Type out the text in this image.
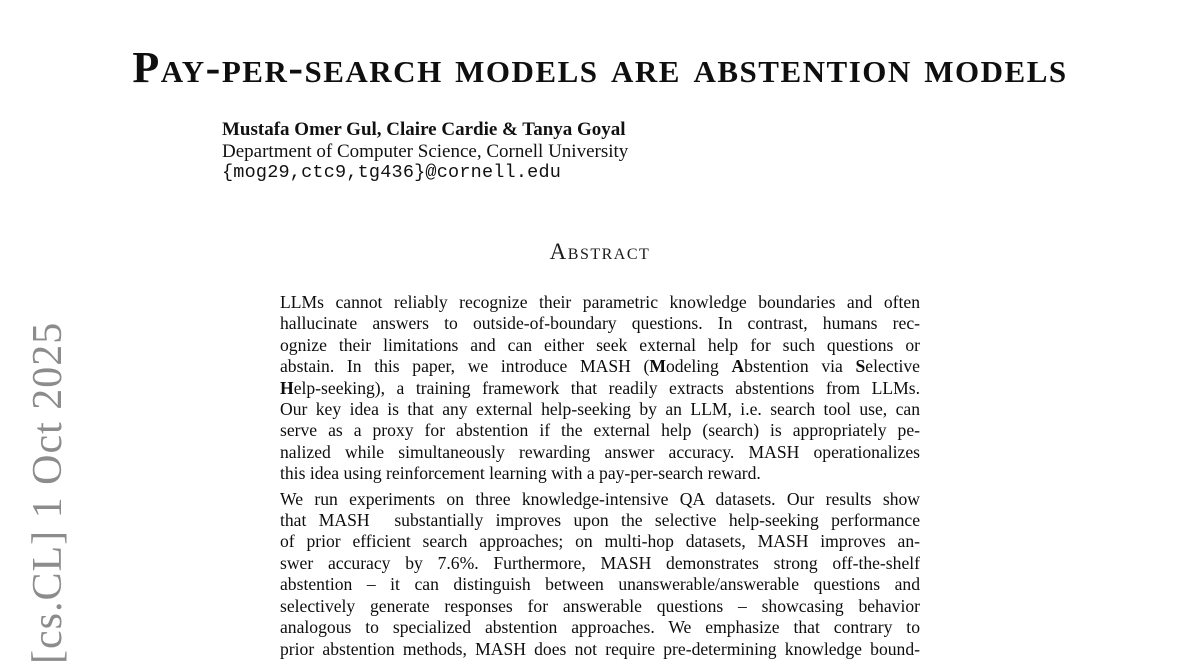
[cs.CL] 1 Oct 2025
Pay-per-search models are abstention models
Mustafa Omer Gul, Claire Cardie & Tanya Goyal
Department of Computer Science, Cornell University
{mog29,ctc9,tg436}@cornell.edu
Abstract
LLMs cannot reliably recognize their parametric knowledge boundaries and often
hallucinate answers to outside-of-boundary questions. In contrast, humans rec-
ognize their limitations and can either seek external help for such questions or
abstain. In this paper, we introduce MASH (Modeling Abstention via Selective
Help-seeking), a training framework that readily extracts abstentions from LLMs.
Our key idea is that any external help-seeking by an LLM, i.e. search tool use, can
serve as a proxy for abstention if the external help (search) is appropriately pe-
nalized while simultaneously rewarding answer accuracy. MASH operationalizes
this idea using reinforcement learning with a pay-per-search reward.
We run experiments on three knowledge-intensive QA datasets. Our results show
that MASH  substantially improves upon the selective help-seeking performance
of prior efficient search approaches; on multi-hop datasets, MASH improves an-
swer accuracy by 7.6%. Furthermore, MASH demonstrates strong off-the-shelf
abstention – it can distinguish between unanswerable/answerable questions and
selectively generate responses for answerable questions – showcasing behavior
analogous to specialized abstention approaches. We emphasize that contrary to
prior abstention methods, MASH does not require pre-determining knowledge bound-
